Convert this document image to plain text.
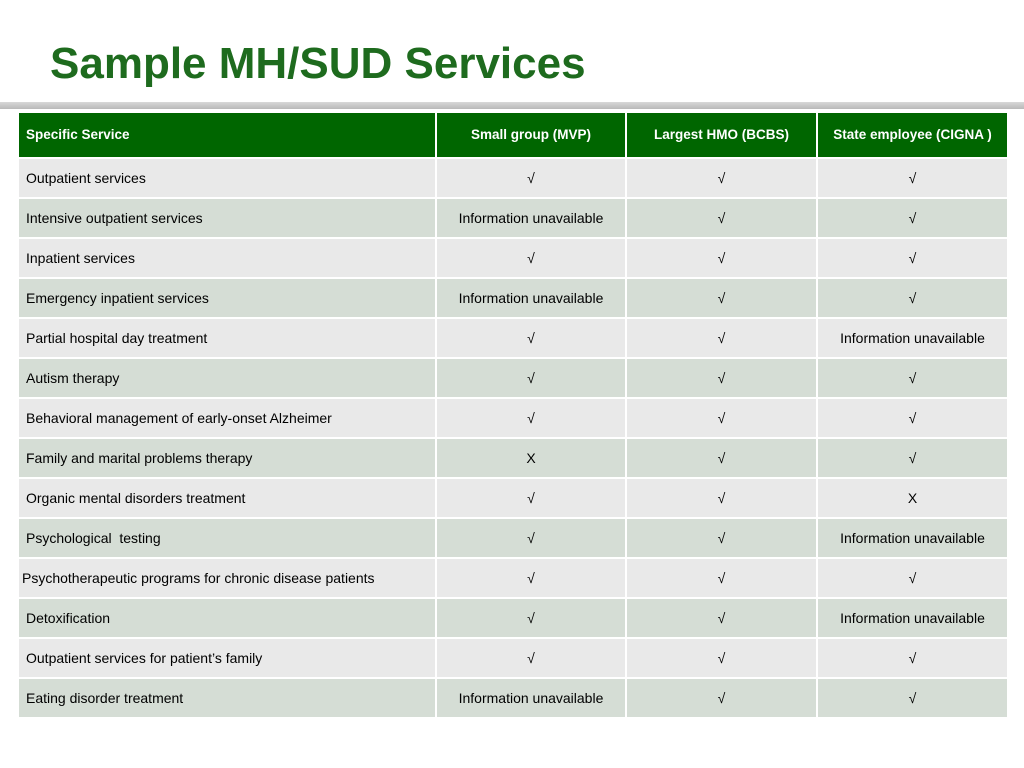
Sample MH/SUD Services
Specific Service	Small group (MVP)	Largest HMO (BCBS)	State employee (CIGNA )
Outpatient services	√	√	√
Intensive outpatient services	Information unavailable	√	√
Inpatient services	√	√	√
Emergency inpatient services	Information unavailable	√	√
Partial hospital day treatment	√	√	Information unavailable
Autism therapy	√	√	√
Behavioral management of early-onset Alzheimer	√	√	√
Family and marital problems therapy	X	√	√
Organic mental disorders treatment	√	√	X
Psychological  testing	√	√	Information unavailable
Psychotherapeutic programs for chronic disease patients	√	√	√
Detoxification	√	√	Information unavailable
Outpatient services for patient’s family	√	√	√
Eating disorder treatment	Information unavailable	√	√
